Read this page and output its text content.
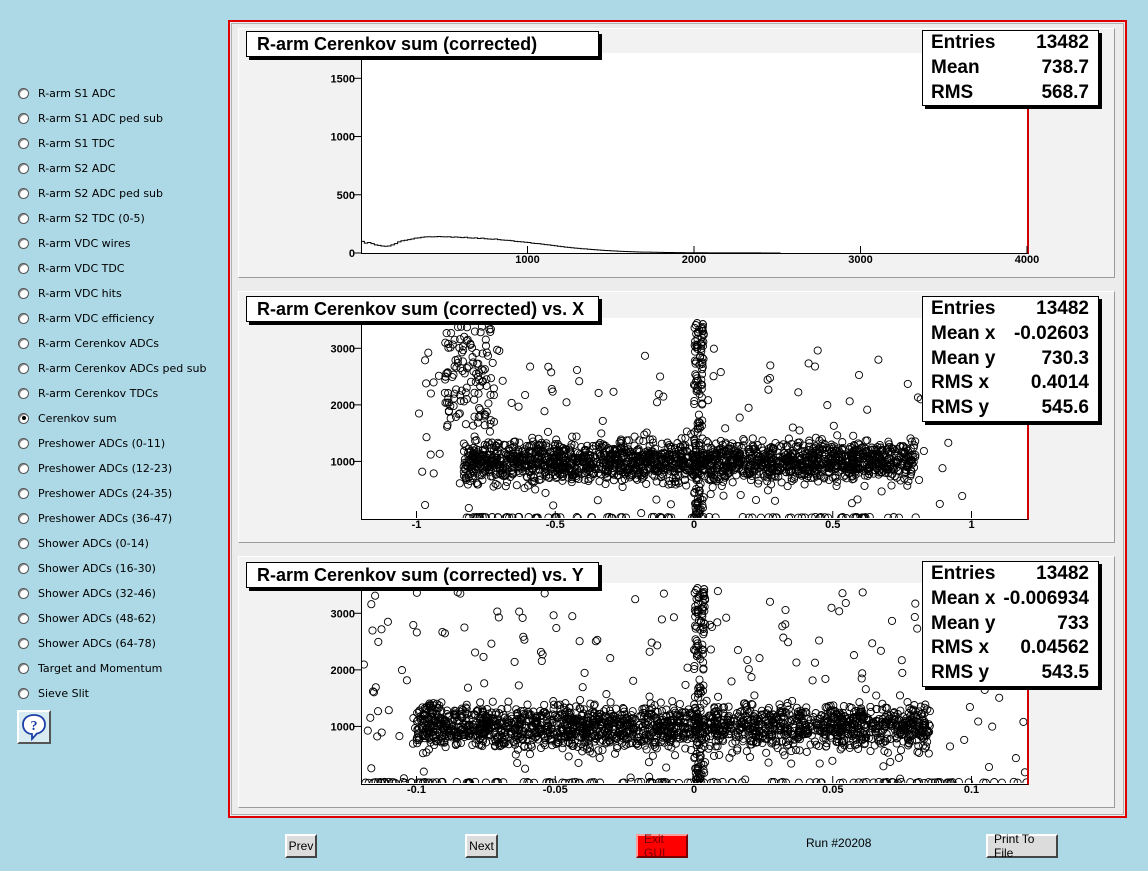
R-arm S1 ADC
R-arm S1 ADC ped sub
R-arm S1 TDC
R-arm S2 ADC
R-arm S2 ADC ped sub
R-arm S2 TDC (0-5)
R-arm VDC wires
R-arm VDC TDC
R-arm VDC hits
R-arm VDC efficiency
R-arm Cerenkov ADCs
R-arm Cerenkov ADCs ped sub
R-arm Cerenkov TDCs
Cerenkov sum
Preshower ADCs (0-11)
Preshower ADCs (12-23)
Preshower ADCs (24-35)
Preshower ADCs (36-47)
Shower ADCs (0-14)
Shower ADCs (16-30)
Shower ADCs (32-46)
Shower ADCs (48-62)
Shower ADCs (64-78)
Target and Momentum
Sieve Slit
?
0
500
1000
1500
1000	2000	3000	4000
R-arm Cerenkov sum (corrected)	Entries 13482
Mean	738.7
RMS	568.7
1000
2000
3000
-1	-0.5	0	0.5	1
R-arm Cerenkov sum (corrected) vs. X	Entries 13482
Mean x -0.02603
Mean y 730.3
RMS x 0.4014
RMS y	545.6
1000
2000
3000
-0.1	-0.05	0	0.05	0.1
R-arm Cerenkov sum (corrected) vs. Y	Entries 13482
Mean x -0.006934
Mean y	733
RMS x 0.04562
RMS y	543.5
Prev	Next	Exit GUI
Run #20208	Print To File
